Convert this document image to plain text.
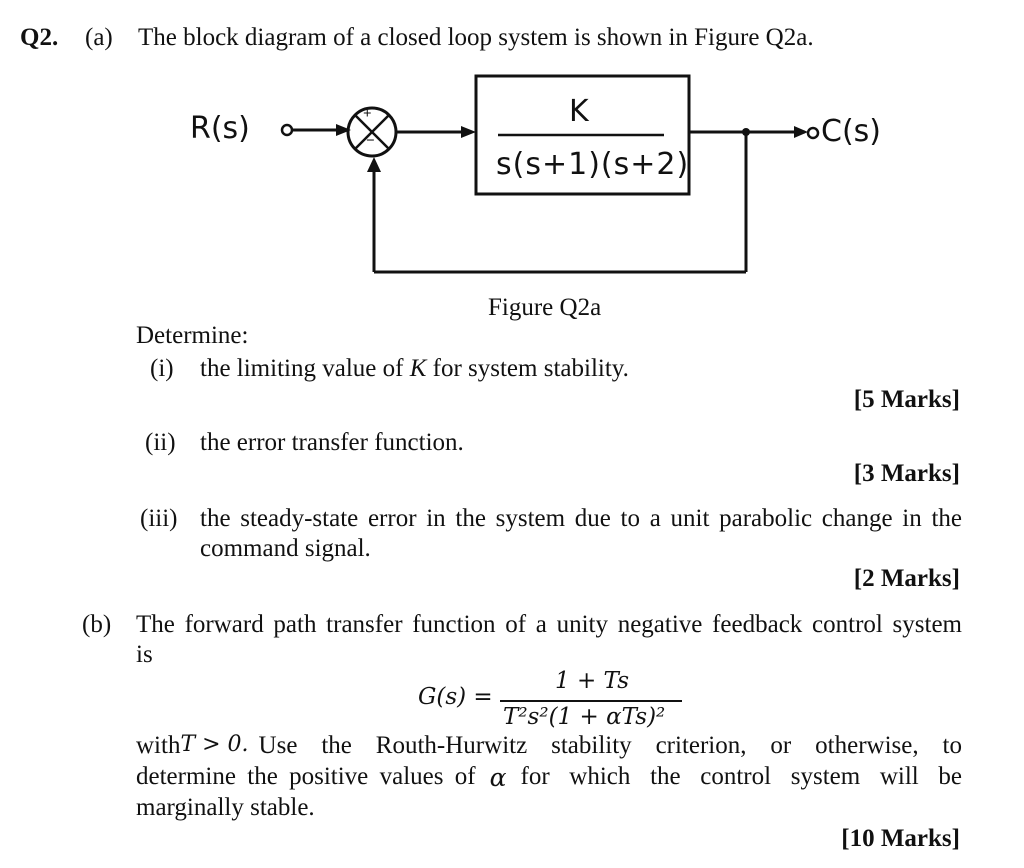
Q2. (a) The block diagram of a closed loop system is shown in Figure Q2a.
R(s)	C(s)
+
−
K
s(s+1)(s+2)
Figure Q2a
Determine:
(i) the limiting value of K for system stability.
[5 Marks]
(ii) the error transfer function.
[3 Marks]
(iii) the steady-state error in the system due to a unit parabolic change in the
command signal.
[2 Marks]
(b) The forward path transfer function of a unity negative feedback control system
is
G(s) =
1 + Ts
T²s²(1 + αTs)²
with T > 0. Use the Routh-Hurwitz stability criterion, or otherwise, to
determine the positive values of α for which the control system will be
marginally stable.
[10 Marks]
